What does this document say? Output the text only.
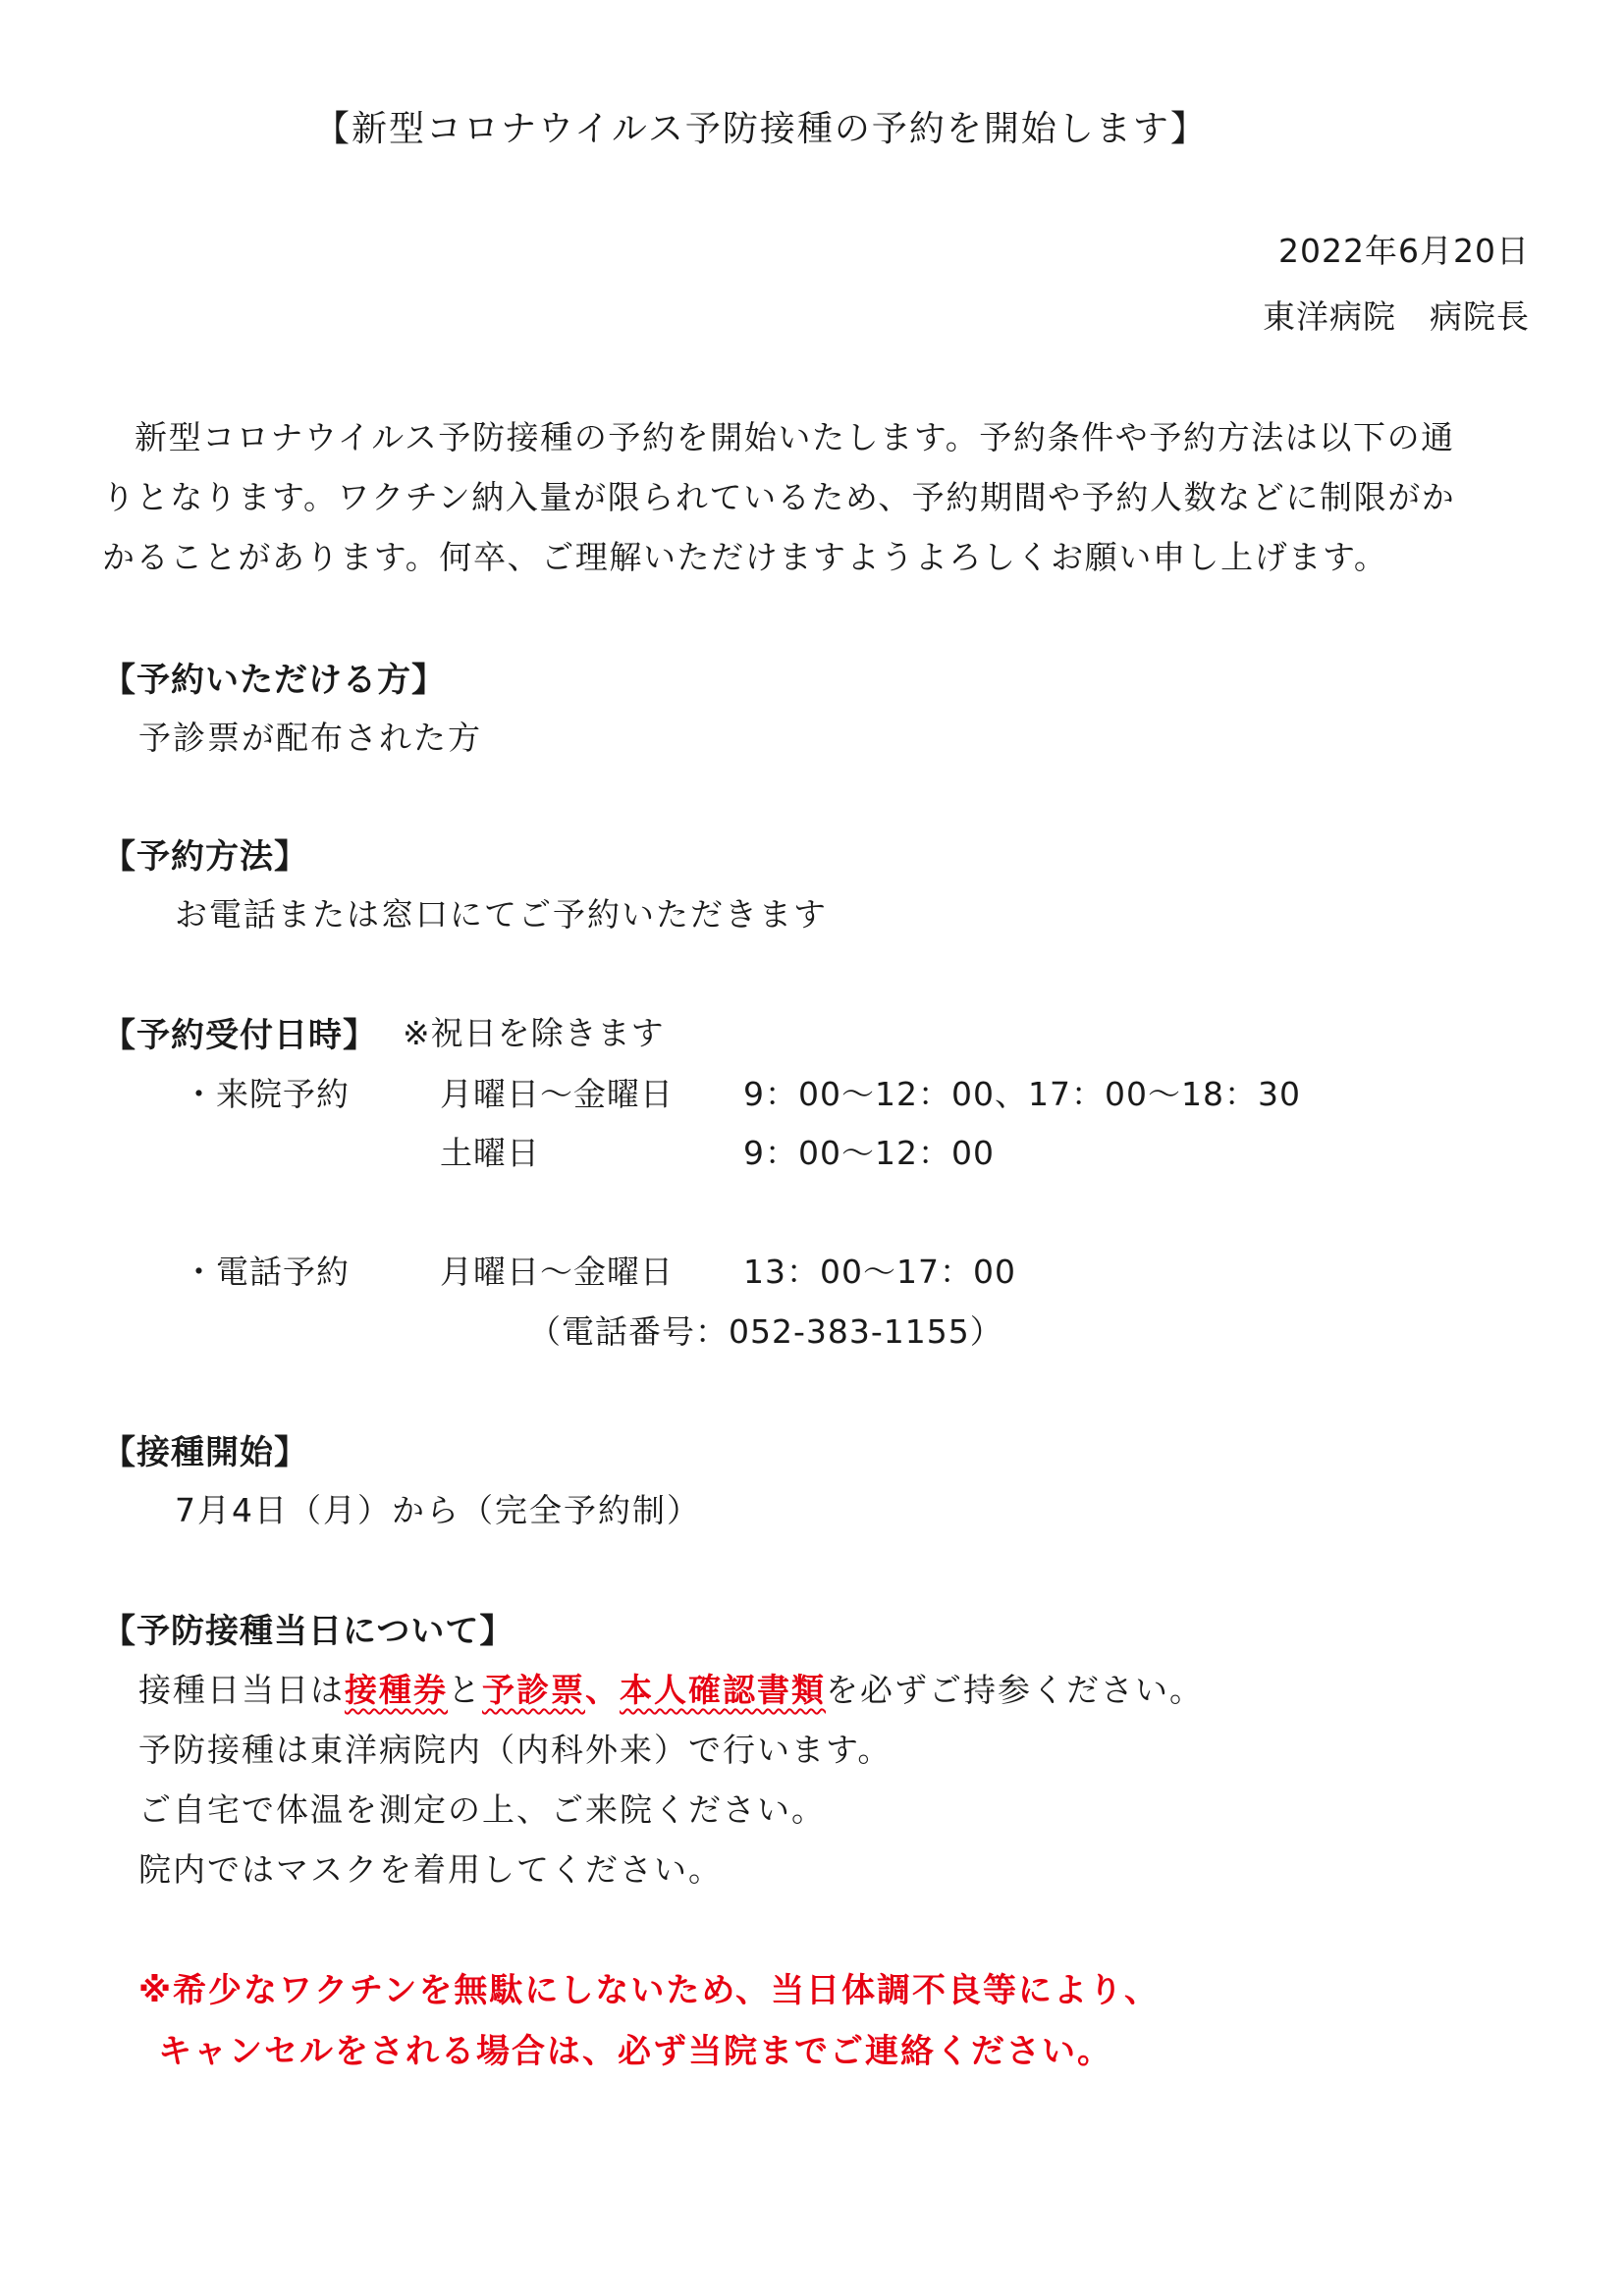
【新型コロナウイルス予防接種の予約を開始します】
2022年6月20日
東洋病院　病院長
新型コロナウイルス予防接種の予約を開始いたします。予約条件や予約方法は以下の通
りとなります。ワクチン納入量が限られているため、予約期間や予約人数などに制限がか
かることがあります。何卒、ご理解いただけますようよろしくお願い申し上げます。
【予約いただける方】
予診票が配布された方
【予約方法】
お電話または窓口にてご予約いただきます
【予約受付日時】 ※祝日を除きます
・来院予約	月曜日～金曜日 9：00～12：00、17：00～18：30
土曜日	9：00～12：00
・電話予約	月曜日～金曜日 13：00～17：00
（電話番号：052-383-1155）
【接種開始】
7月4日（月）から（完全予約制）
【予防接種当日について】
接種日当日は接種券と予診票、本人確認書類を必ずご持参ください。
予防接種は東洋病院内（内科外来）で行います。
ご自宅で体温を測定の上、ご来院ください。
院内ではマスクを着用してください。
※希少なワクチンを無駄にしないため、当日体調不良等により、
キャンセルをされる場合は、必ず当院までご連絡ください。
